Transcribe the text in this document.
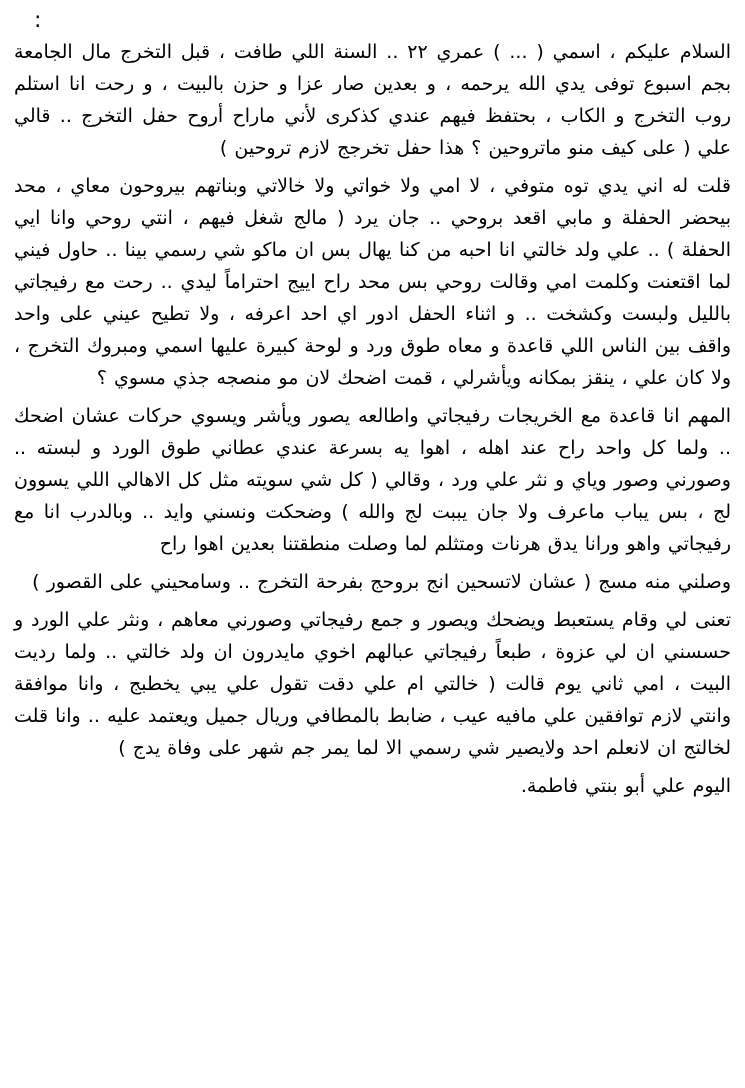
:

السلام عليكم ، اسمي ( ... ) عمري ٢٢ .. السنة اللي طافت ، قبل التخرج مال الجامعة بجم اسبوع توفى يدي الله يرحمه ، و بعدين صار عزا و حزن بالبيت ، و رحت انا استلم روب التخرج و الكاب ، بحتفظ فيهم عندي كذكرى لأني ماراح أروح حفل التخرج .. قالي علي ( على كيف منو ماتروحين ؟ هذا حفل تخرجج لازم تروحين )

قلت له اني يدي توه متوفي ، لا امي ولا خواتي ولا خالاتي وبناتهم بيروحون معاي ، محد بيحضر الحفلة و مابي اقعد بروحي .. جان يرد ( مالج شغل فيهم ، انتي روحي وانا ايي الحفلة ) .. علي ولد خالتي انا احبه من كنا يهال بس ان ماكو شي رسمي بينا .. حاول فيني لما اقتعنت وكلمت امي وقالت روحي بس محد راح اييج احتراماً ليدي .. رحت مع رفيجاتي بالليل ولبست وكشخت .. و اثناء الحفل ادور اي احد اعرفه ، ولا تطيح عيني على واحد واقف بين الناس اللي قاعدة و معاه طوق ورد و لوحة كبيرة عليها اسمي ومبروك التخرج ، ولا كان علي ، ينقز بمكانه ويأشرلي ، قمت اضحك لان مو منصجه جذي مسوي ؟

المهم انا قاعدة مع الخريجات رفيجاتي واطالعه يصور ويأشر ويسوي حركات عشان اضحك .. ولما كل واحد راح عند اهله ، اهوا يه بسرعة عندي عطاني طوق الورد و لبسته .. وصورني وصور وياي و نثر علي ورد ، وقالي ( كل شي سويته مثل كل الاهالي اللي يسوون لج ، بس يباب ماعرف ولا جان يببت لج والله ) وضحكت ونسني وايد .. وبالدرب انا مع رفيجاتي واهو ورانا يدق هرنات ومتثلم لما وصلت منطقتنا بعدين اهوا راح

وصلني منه مسج ( عشان لاتسحين انج بروحج بفرحة التخرج .. وسامحيني على القصور )

تعنى لي وقام يستعبط ويضحك ويصور و جمع رفيجاتي وصورني معاهم ، ونثر علي الورد و حسسني ان لي عزوة ، طبعاً رفيجاتي عبالهم اخوي مايدرون ان ولد خالتي .. ولما رديت البيت ، امي ثاني يوم قالت ( خالتي ام علي دقت تقول علي يبي يخطبج ، وانا موافقة وانتي لازم توافقين علي مافيه عيب ، ضابط بالمطافي وريال جميل ويعتمد عليه .. وانا قلت لخالتج ان لانعلم احد ولايصير شي رسمي الا لما يمر جم شهر على وفاة يدج )

اليوم علي أبو بنتي فاطمة.
